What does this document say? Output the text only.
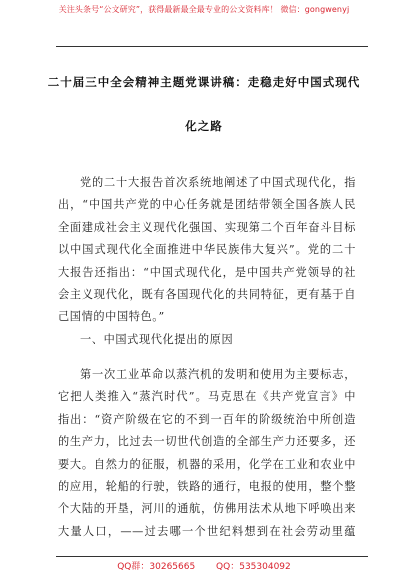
关注头条号“公文研究”，获得最新最全最专业的公文资料库！ 微信：gongwenyj
二十届三中全会精神主题党课讲稿：走稳走好中国式现代
化之路
党的二十大报告首次系统地阐述了中国式现代化，指
出，“中国共产党的中心任务就是团结带领全国各族人民
全面建成社会主义现代化强国、实现第二个百年奋斗目标
以中国式现代化全面推进中华民族伟大复兴”。党的二十
大报告还指出：“中国式现代化，是中国共产党领导的社
会主义现代化，既有各国现代化的共同特征，更有基于自
己国情的中国特色。”
一、中国式现代化提出的原因
第一次工业革命以蒸汽机的发明和使用为主要标志，
它把人类推入“蒸汽时代”。马克思在《共产党宣言》中
指出：“资产阶级在它的不到一百年的阶级统治中所创造
的生产力，比过去一切世代创造的全部生产力还要多，还
要大。自然力的征服，机器的采用，化学在工业和农业中
的应用，轮船的行驶，铁路的通行，电报的使用，整个整
个大陆的开垦，河川的通航，仿佛用法术从地下呼唤出来
大量人口，——过去哪一个世纪料想到在社会劳动里蕴
QQ群：30265665 QQ：535304092
